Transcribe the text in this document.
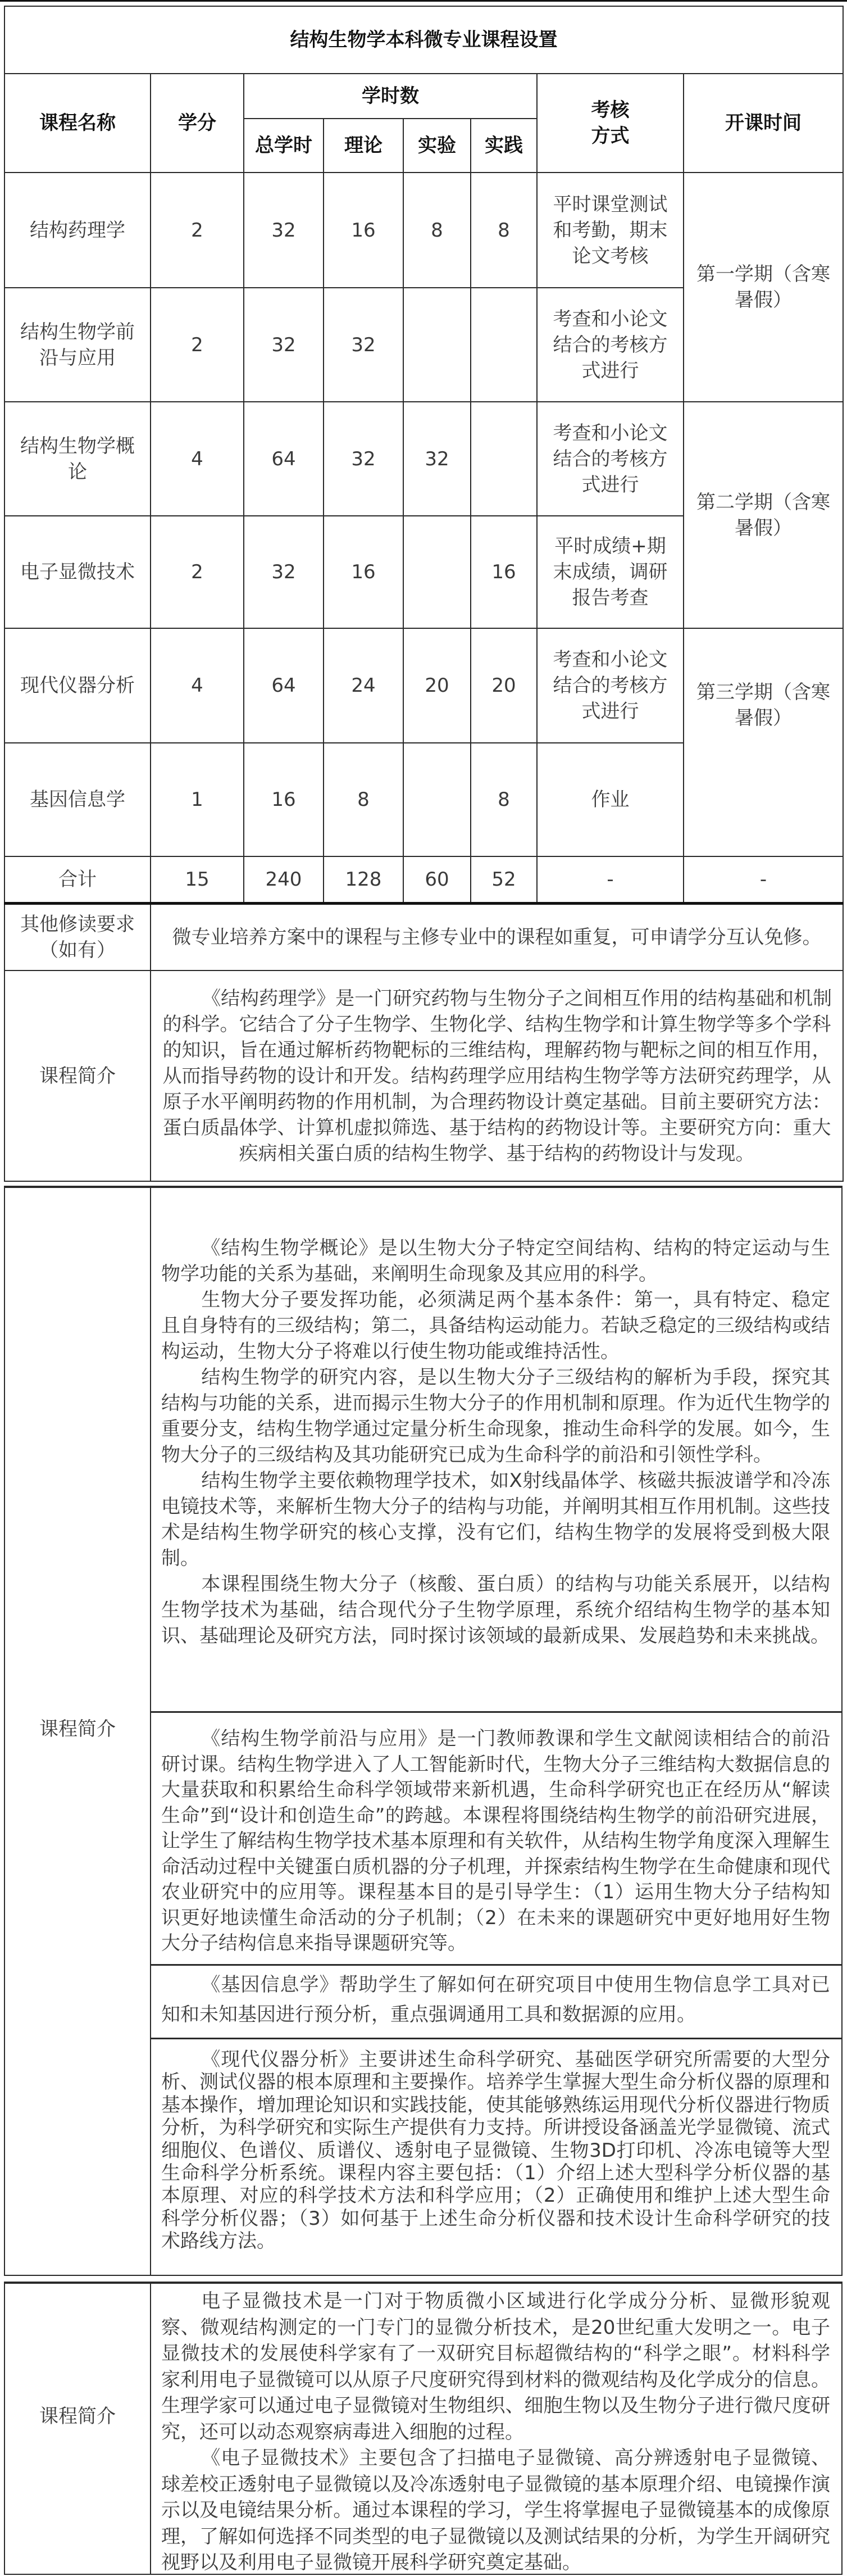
结构生物学本科微专业课程设置							
课程名称	学分	学时数				考核方式	开课时间
		总学时	理论	实验	实践		
结构药理学	2	32	16	8	8	平时课堂测试和考勤，期末论文考核	第一学期（含寒暑假）
结构生物学前沿与应用	2	32	32			考查和小论文结合的考核方式进行	
结构生物学概论	4	64	32	32		考查和小论文结合的考核方式进行	第二学期（含寒暑假）
电子显微技术	2	32	16		16	平时成绩+期末成绩，调研报告考查	
现代仪器分析	4	64	24	20	20	考查和小论文结合的考核方式进行	第三学期（含寒暑假）
基因信息学	1	16	8		8	作业	
合计	15	240	128	60	52	-	-
其他修读要求（如有）	微专业培养方案中的课程与主修专业中的课程如重复，可申请学分互认免修。						
课程简介	《结构药理学》是一门研究药物与生物分子之间相互作用的结构基础和机制的科学。它结合了分子生物学、生物化学、结构生物学和计算生物学等多个学科的知识，旨在通过解析药物靶标的三维结构，理解药物与靶标之间的相互作用，从而指导药物的设计和开发。结构药理学应用结构生物学等方法研究药理学，从原子水平阐明药物的作用机制，为合理药物设计奠定基础。目前主要研究方法：蛋白质晶体学、计算机虚拟筛选、基于结构的药物设计等。主要研究方向：重大疾病相关蛋白质的结构生物学、基于结构的药物设计与发现。						

课程简介

《结构生物学概论》是以生物大分子特定空间结构、结构的特定运动与生物学功能的关系为基础，来阐明生命现象及其应用的科学。

生物大分子要发挥功能，必须满足两个基本条件：第一，具有特定、稳定且自身特有的三级结构；第二，具备结构运动能力。若缺乏稳定的三级结构或结构运动，生物大分子将难以行使生物功能或维持活性。

结构生物学的研究内容，是以生物大分子三级结构的解析为手段，探究其结构与功能的关系，进而揭示生物大分子的作用机制和原理。作为近代生物学的重要分支，结构生物学通过定量分析生命现象，推动生命科学的发展。如今，生物大分子的三级结构及其功能研究已成为生命科学的前沿和引领性学科。

结构生物学主要依赖物理学技术，如X射线晶体学、核磁共振波谱学和冷冻电镜技术等，来解析生物大分子的结构与功能，并阐明其相互作用机制。这些技术是结构生物学研究的核心支撑，没有它们，结构生物学的发展将受到极大限制。

本课程围绕生物大分子（核酸、蛋白质）的结构与功能关系展开，以结构生物学技术为基础，结合现代分子生物学原理，系统介绍结构生物学的基本知识、基础理论及研究方法，同时探讨该领域的最新成果、发展趋势和未来挑战。

《结构生物学前沿与应用》是一门教师教课和学生文献阅读相结合的前沿研讨课。结构生物学进入了人工智能新时代，生物大分子三维结构大数据信息的大量获取和积累给生命科学领域带来新机遇，生命科学研究也正在经历从“解读生命”到“设计和创造生命”的跨越。本课程将围绕结构生物学的前沿研究进展，让学生了解结构生物学技术基本原理和有关软件，从结构生物学角度深入理解生命活动过程中关键蛋白质机器的分子机理，并探索结构生物学在生命健康和现代农业研究中的应用等。课程基本目的是引导学生：（1）运用生物大分子结构知识更好地读懂生命活动的分子机制；（2）在未来的课题研究中更好地用好生物大分子结构信息来指导课题研究等。

《基因信息学》帮助学生了解如何在研究项目中使用生物信息学工具对已知和未知基因进行预分析，重点强调通用工具和数据源的应用。

《现代仪器分析》主要讲述生命科学研究、基础医学研究所需要的大型分析、测试仪器的根本原理和主要操作。培养学生掌握大型生命分析仪器的原理和基本操作，增加理论知识和实践技能，使其能够熟练运用现代分析仪器进行物质分析，为科学研究和实际生产提供有力支持。所讲授设备涵盖光学显微镜、流式细胞仪、色谱仪、质谱仪、透射电子显微镜、生物3D打印机、冷冻电镜等大型生命科学分析系统。课程内容主要包括：（1）介绍上述大型科学分析仪器的基本原理、对应的科学技术方法和科学应用；（2）正确使用和维护上述大型生命科学分析仪器；（3）如何基于上述生命分析仪器和技术设计生命科学研究的技术路线方法。

课程简介

电子显微技术是一门对于物质微小区域进行化学成分分析、显微形貌观察、微观结构测定的一门专门的显微分析技术，是20世纪重大发明之一。电子显微技术的发展使科学家有了一双研究目标超微结构的“科学之眼”。材料科学家利用电子显微镜可以从原子尺度研究得到材料的微观结构及化学成分的信息。生理学家可以通过电子显微镜对生物组织、细胞生物以及生物分子进行微尺度研究，还可以动态观察病毒进入细胞的过程。

《电子显微技术》主要包含了扫描电子显微镜、高分辨透射电子显微镜、球差校正透射电子显微镜以及冷冻透射电子显微镜的基本原理介绍、电镜操作演示以及电镜结果分析。通过本课程的学习，学生将掌握电子显微镜基本的成像原理，了解如何选择不同类型的电子显微镜以及测试结果的分析，为学生开阔研究视野以及利用电子显微镜开展科学研究奠定基础。
